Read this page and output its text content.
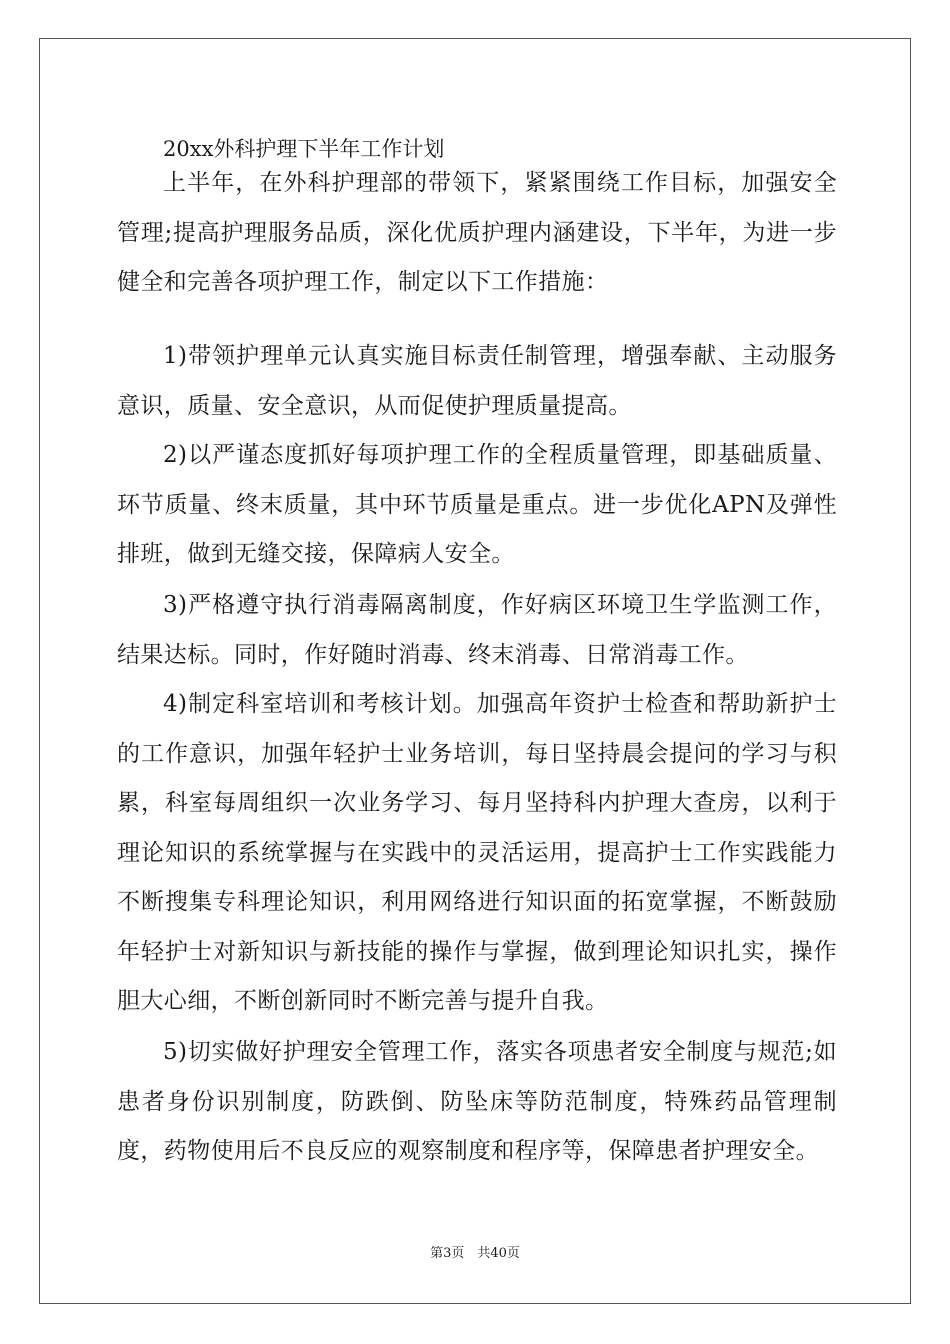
20xx外科护理下半年工作计划

上半年，在外科护理部的带领下，紧紧围绕工作目标，加强安全管理;提高护理服务品质，深化优质护理内涵建设，下半年，为进一步健全和完善各项护理工作，制定以下工作措施：

1)带领护理单元认真实施目标责任制管理，增强奉献、主动服务意识，质量、安全意识，从而促使护理质量提高。

2)以严谨态度抓好每项护理工作的全程质量管理，即基础质量、环节质量、终末质量，其中环节质量是重点。进一步优化APN及弹性排班，做到无缝交接，保障病人安全。

3)严格遵守执行消毒隔离制度，作好病区环境卫生学监测工作，结果达标。同时，作好随时消毒、终末消毒、日常消毒工作。

4)制定科室培训和考核计划。加强高年资护士检查和帮助新护士的工作意识，加强年轻护士业务培训，每日坚持晨会提问的学习与积累，科室每周组织一次业务学习、每月坚持科内护理大查房，以利于理论知识的系统掌握与在实践中的灵活运用，提高护士工作实践能力不断搜集专科理论知识，利用网络进行知识面的拓宽掌握，不断鼓励年轻护士对新知识与新技能的操作与掌握，做到理论知识扎实，操作胆大心细，不断创新同时不断完善与提升自我。

5)切实做好护理安全管理工作，落实各项患者安全制度与规范;如患者身份识别制度，防跌倒、防坠床等防范制度，特殊药品管理制度，药物使用后不良反应的观察制度和程序等，保障患者护理安全。

第3页　共40页
